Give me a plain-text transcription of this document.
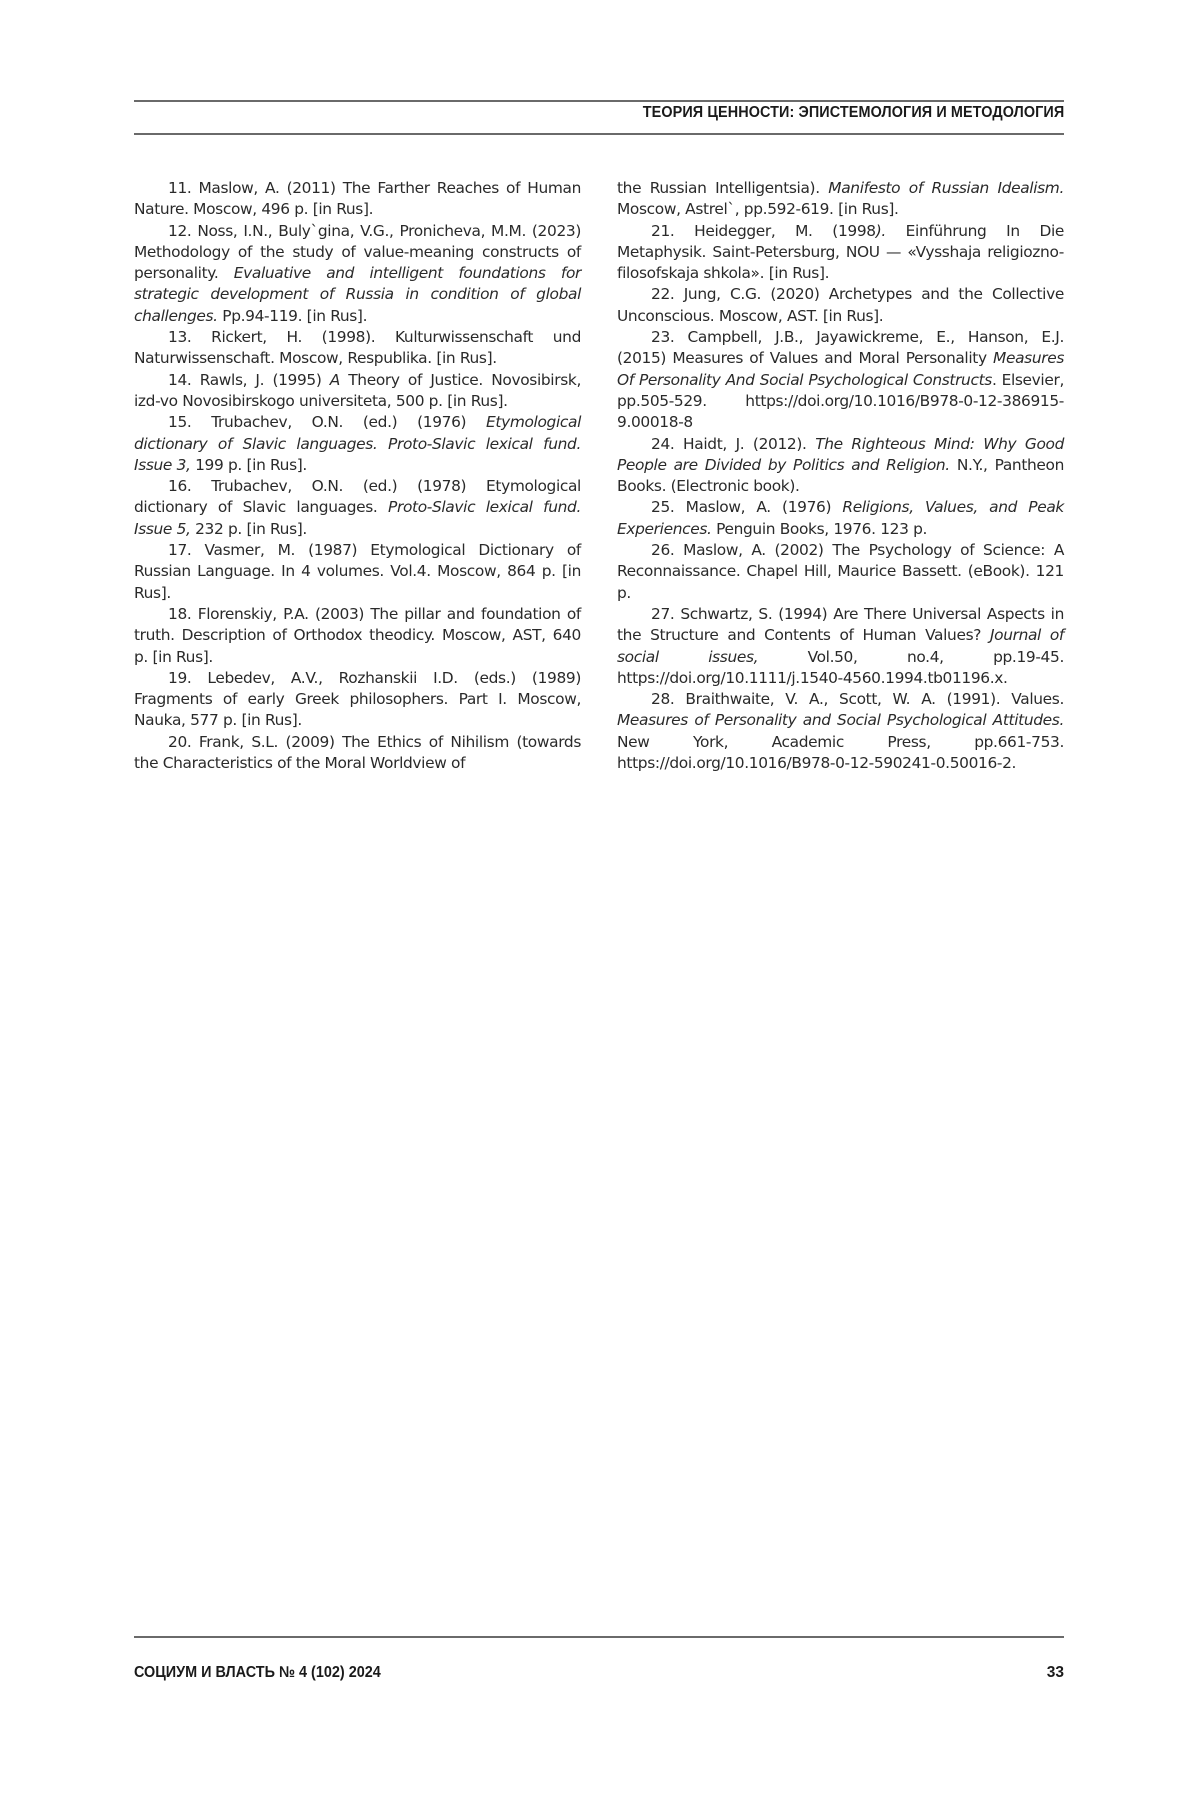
ТЕОРИЯ ЦЕННОСТИ: ЭПИСТЕМОЛОГИЯ И МЕТОДОЛОГИЯ

11. Maslow, A. (2011) The Farther Reaches of Human Nature. Moscow, 496 p. [in Rus].

12. Noss, I.N., Buly`gina, V.G., Pronicheva, M.M. (2023) Methodology of the study of value-meaning constructs of personality. Evaluative and intelligent foundations for strategic development of Russia in condition of global challenges. Pp.94-119. [in Rus].

13. Rickert, H. (1998). Kulturwissenschaft und Naturwissenschaft. Moscow, Respublika. [in Rus].

14. Rawls, J. (1995) A Theory of Justice. Novosibirsk, izd-vo Novosibirskogo universiteta, 500 p. [in Rus].

15. Trubachev, O.N. (ed.) (1976) Etymological dictionary of Slavic languages. Proto-Slavic lexical fund. Issue 3, 199 p. [in Rus].

16. Trubachev, O.N. (ed.) (1978) Etymological dictionary of Slavic languages. Proto-Slavic lexical fund. Issue 5, 232 p. [in Rus].

17. Vasmer, M. (1987) Etymological Dictionary of Russian Language. In 4 volumes. Vol.4. Moscow, 864 p. [in Rus].

18. Florenskiy, P.A. (2003) The pillar and foundation of truth. Description of Orthodox theodicy. Moscow, AST, 640 p. [in Rus].

19. Lebedev, A.V., Rozhanskii I.D. (eds.) (1989) Fragments of early Greek philosophers. Part I. Moscow, Nauka, 577 p. [in Rus].

20. Frank, S.L. (2009) The Ethics of Nihilism (towards the Characteristics of the Moral Worldview of

the Russian Intelligentsia). Manifesto of Russian Idealism. Moscow, Astrel`, pp.592-619. [in Rus].

21. Heidegger, M. (1998). Einführung In Die Metaphysik. Saint-Petersburg, NOU — «Vysshaja religiozno-filosofskaja shkola». [in Rus].

22. Jung, C.G. (2020) Archetypes and the Collective Unconscious. Moscow, AST. [in Rus].

23. Campbell, J.B., Jayawickreme, E., Hanson, E.J. (2015) Measures of Values and Moral Personality Measures Of Personality And Social Psychological Constructs. Elsevier, pp.505-529. https://doi.org/10.1016/B978-0-12-386915-9.00018-8

24. Haidt, J. (2012). The Righteous Mind: Why Good People are Divided by Politics and Religion. N.Y., Pantheon Books. (Electronic book).

25. Maslow, A. (1976) Religions, Values, and Peak Experiences. Penguin Books, 1976. 123 p.

26. Maslow, A. (2002) The Psychology of Science: A Reconnaissance. Chapel Hill, Maurice Bassett. (eBook). 121 p.

27. Schwartz, S. (1994) Are There Universal Aspects in the Structure and Contents of Human Values? Journal of social issues, Vol.50, no.4, pp.19-45. https://doi.org/10.1111/j.1540-4560.1994.tb01196.x.

28. Braithwaite, V. A., Scott, W. A. (1991). Values. Measures of Personality and Social Psychological Attitudes. New York, Academic Press, pp.661-753. https://doi.org/10.1016/B978-0-12-590241-0.50016-2.

СОЦИУМ И ВЛАСТЬ № 4 (102) 2024	33
